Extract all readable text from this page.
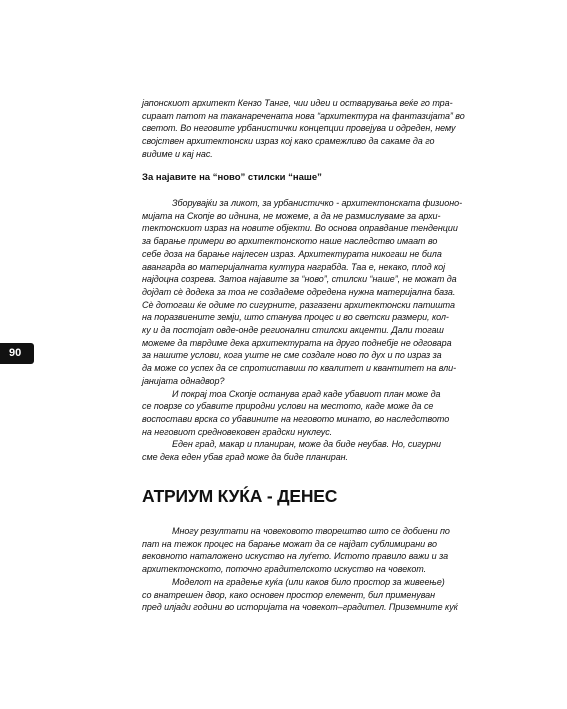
90
јапонскиот архитект Кензо Танге, чии идеи и остварувања веќе го тра-
сираат патот на таканаречената нова “архитектура на фантазијата” во
светот. Во неговите урбанистички концепции провејува и одреден, нему
својствен архитектонски израз кој како срамежливо да сакаме да го
видиме и кај нас.
За најавите на “ново” стилски “наше”
Зборувајќи за ликот, за урбанистичко - архитектонската физионо-
мијата на Скопје во иднина, не можеме, а да не размислуваме за архи-
тектонскиот израз на новите објекти. Во основа оправдание тенденции
за барање примери во архитектонското наше наследство имаат во
себе доза на барање најлесен израз. Архитектурата никогаш не била
авангарда во материјалната култура награбда. Таа е, некако, плод кој
најдоцна созрева. Затоа најавите за “ново”, стилски “наше”, не можат да
дојдат сè додека за тоа не создадеме одредена нужна материјална база.
Сè дотогаш ќе одиме по сигурните, разгазени архитектонски патишта
на поразвиените земји, што станува процес и во светски размери, кол-
ку и да постојат овде-онде регионални стилски акценти. Дали тогаш
можеме да тврдиме дека архитектурата на друго поднебје не одговара
за нашите услови, кога уште не сме создале ново по дух и по израз за
да може со успех да се спротиставиш по квалитет и квантитет на вли-
јанијата однадвор?
И покрај тоа Скопје останува град каде убавиот план може да
се поврзе со убавите природни услови на местото, каде може да се
воспостави врска со убавините на неговото минато, во наследството
на неговиот средновековен градски нуклеус.
Еден град, макар и планиран, може да биде неубав. Но, сигурни
сме дека еден убав град може да биде планиран.
АТРИУМ КУЌА - ДЕНЕС
Многу резултати на човековото творештво што се добиени по
пат на тежок процес на барање можат да се најдат сублимирани во
вековното наталожено искуство на луѓето. Истото правило важи и за
архитектонското, поточно градителското искуство на човекот.
Моделот на градење куќа (или каков било простор за живеење)
со внатрешен двор, како основен простор елемент, бил применуван
пред илјади години во историјата на човекот–градител. Приземните куќ
